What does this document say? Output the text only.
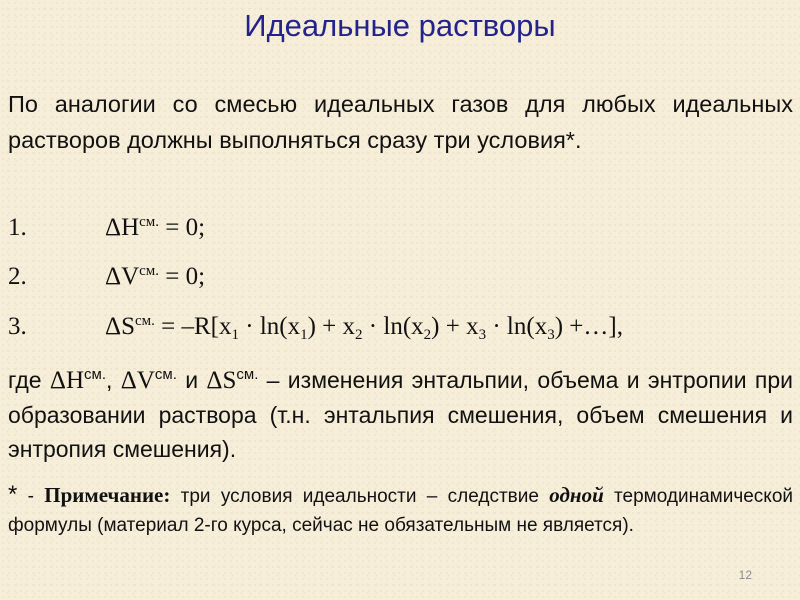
Идеальные растворы
По аналогии со смесью идеальных газов для любых идеальных растворов должны выполняться сразу три условия*.
1.	$\Delta H^{см.} = 0$;
2.	$\Delta V^{см.} = 0$;
3.	$\Delta S^{см.} = -R[x_1 \cdot \ln(x_1) + x_2 \cdot \ln(x_2) + x_3 \cdot \ln(x_3)$ +…],
где $\Delta H^{см.}$, $\Delta V^{см.}$ и $\Delta S^{см.}$ – изменения энтальпии, объема и энтропии при образовании раствора (т.н. энтальпия смешения, объем смешения и энтропия смешения).
* - Примечание: три условия идеальности – следствие одной термодинамической формулы (материал 2-го курса, сейчас не обязательным не является).
12
